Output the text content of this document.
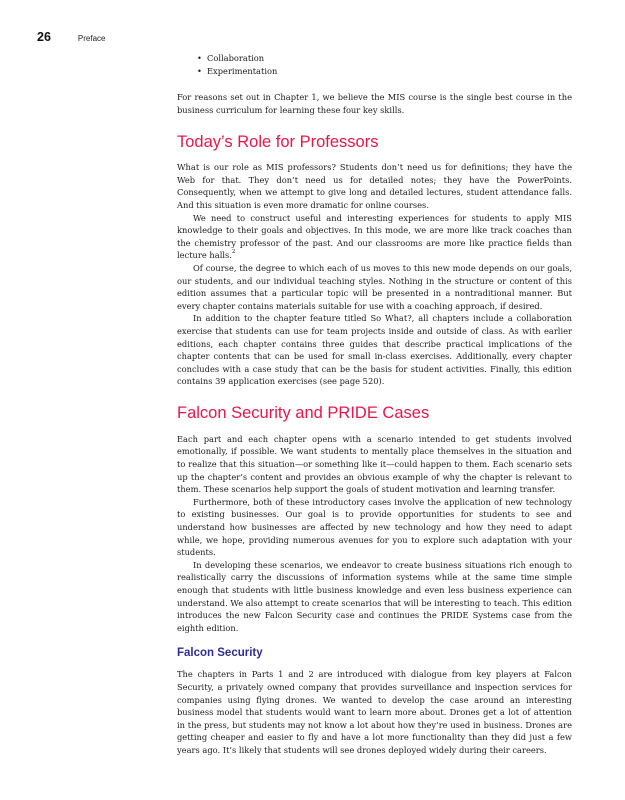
26	Preface
• Collaboration
• Experimentation

For reasons set out in Chapter 1, we believe the MIS course is the single best course in the business curriculum for learning these four key skills.

Today’s Role for Professors

What is our role as MIS professors? Students don’t need us for definitions; they have the Web for that. They don’t need us for detailed notes; they have the PowerPoints. Consequently, when we attempt to give long and detailed lectures, student attendance falls. And this situation is even more dramatic for online courses.

We need to construct useful and interesting experiences for students to apply MIS knowledge to their goals and objectives. In this mode, we are more like track coaches than the chemistry professor of the past. And our classrooms are more like practice fields than lecture halls.$^2$

Of course, the degree to which each of us moves to this new mode depends on our goals, our students, and our individual teaching styles. Nothing in the structure or content of this edition assumes that a particular topic will be presented in a nontraditional manner. But every chapter contains materials suitable for use with a coaching approach, if desired.

In addition to the chapter feature titled So What?, all chapters include a collaboration exercise that students can use for team projects inside and outside of class. As with earlier editions, each chapter contains three guides that describe practical implications of the chapter contents that can be used for small in-class exercises. Additionally, every chapter concludes with a case study that can be the basis for student activities. Finally, this edition contains 39 application exercises (see page 520).

Falcon Security and PRIDE Cases

Each part and each chapter opens with a scenario intended to get students involved emotionally, if possible. We want students to mentally place themselves in the situation and to realize that this situation—or something like it—could happen to them. Each scenario sets up the chapter’s content and provides an obvious example of why the chapter is relevant to them. These scenarios help support the goals of student motivation and learning transfer.

Furthermore, both of these introductory cases involve the application of new technology to existing businesses. Our goal is to provide opportunities for students to see and understand how businesses are affected by new technology and how they need to adapt while, we hope, providing numerous avenues for you to explore such adaptation with your students.

In developing these scenarios, we endeavor to create business situations rich enough to realistically carry the discussions of information systems while at the same time simple enough that students with little business knowledge and even less business experience can understand. We also attempt to create scenarios that will be interesting to teach. This edition introduces the new Falcon Security case and continues the PRIDE Systems case from the eighth edition.

Falcon Security

The chapters in Parts 1 and 2 are introduced with dialogue from key players at Falcon Security, a privately owned company that provides surveillance and inspection services for companies using flying drones. We wanted to develop the case around an interesting business model that students would want to learn more about. Drones get a lot of attention in the press, but students may not know a lot about how they’re used in business. Drones are getting cheaper and easier to fly and have a lot more functionality than they did just a few years ago. It’s likely that students will see drones deployed widely during their careers.
